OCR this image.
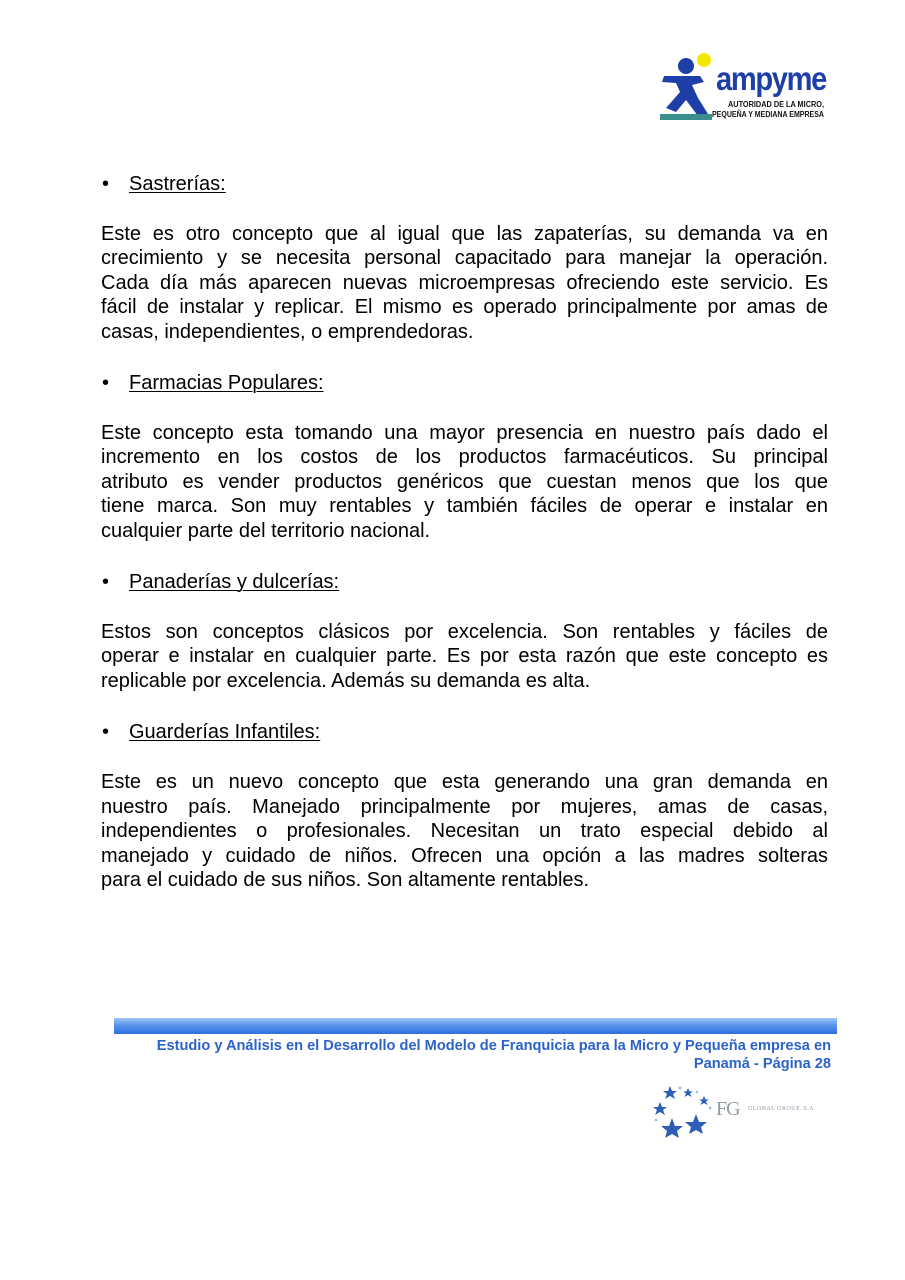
ampyme
AUTORIDAD DE LA MICRO,
PEQUEÑA Y MEDIANA EMPRESA
• Sastrerías:

Este es otro concepto que al igual que las zapaterías, su demanda va en
crecimiento y se necesita personal capacitado para manejar la operación.
Cada día más aparecen nuevas microempresas ofreciendo este servicio. Es
fácil de instalar y replicar. El mismo es operado principalmente por amas de
casas, independientes, o emprendedoras.

• Farmacias Populares:

Este concepto esta tomando una mayor presencia en nuestro país dado el
incremento en los costos de los productos farmacéuticos. Su principal
atributo es vender productos genéricos que cuestan menos que los que
tiene marca. Son muy rentables y también fáciles de operar e instalar en
cualquier parte del territorio nacional.

• Panaderías y dulcerías:

Estos son conceptos clásicos por excelencia. Son rentables y fáciles de
operar e instalar en cualquier parte. Es por esta razón que este concepto es
replicable por excelencia. Además su demanda es alta.

• Guarderías Infantiles:

Este es un nuevo concepto que esta generando una gran demanda en
nuestro país. Manejado principalmente por mujeres, amas de casas,
independientes o profesionales. Necesitan un trato especial debido al
manejado y cuidado de niños. Ofrecen una opción a las madres solteras
para el cuidado de sus niños. Son altamente rentables.

Estudio y Análisis en el Desarrollo del Modelo de Franquicia para la Micro y Pequeña empresa en
Panamá - Página 28
FG GLOBAL GROUP, S.A.
